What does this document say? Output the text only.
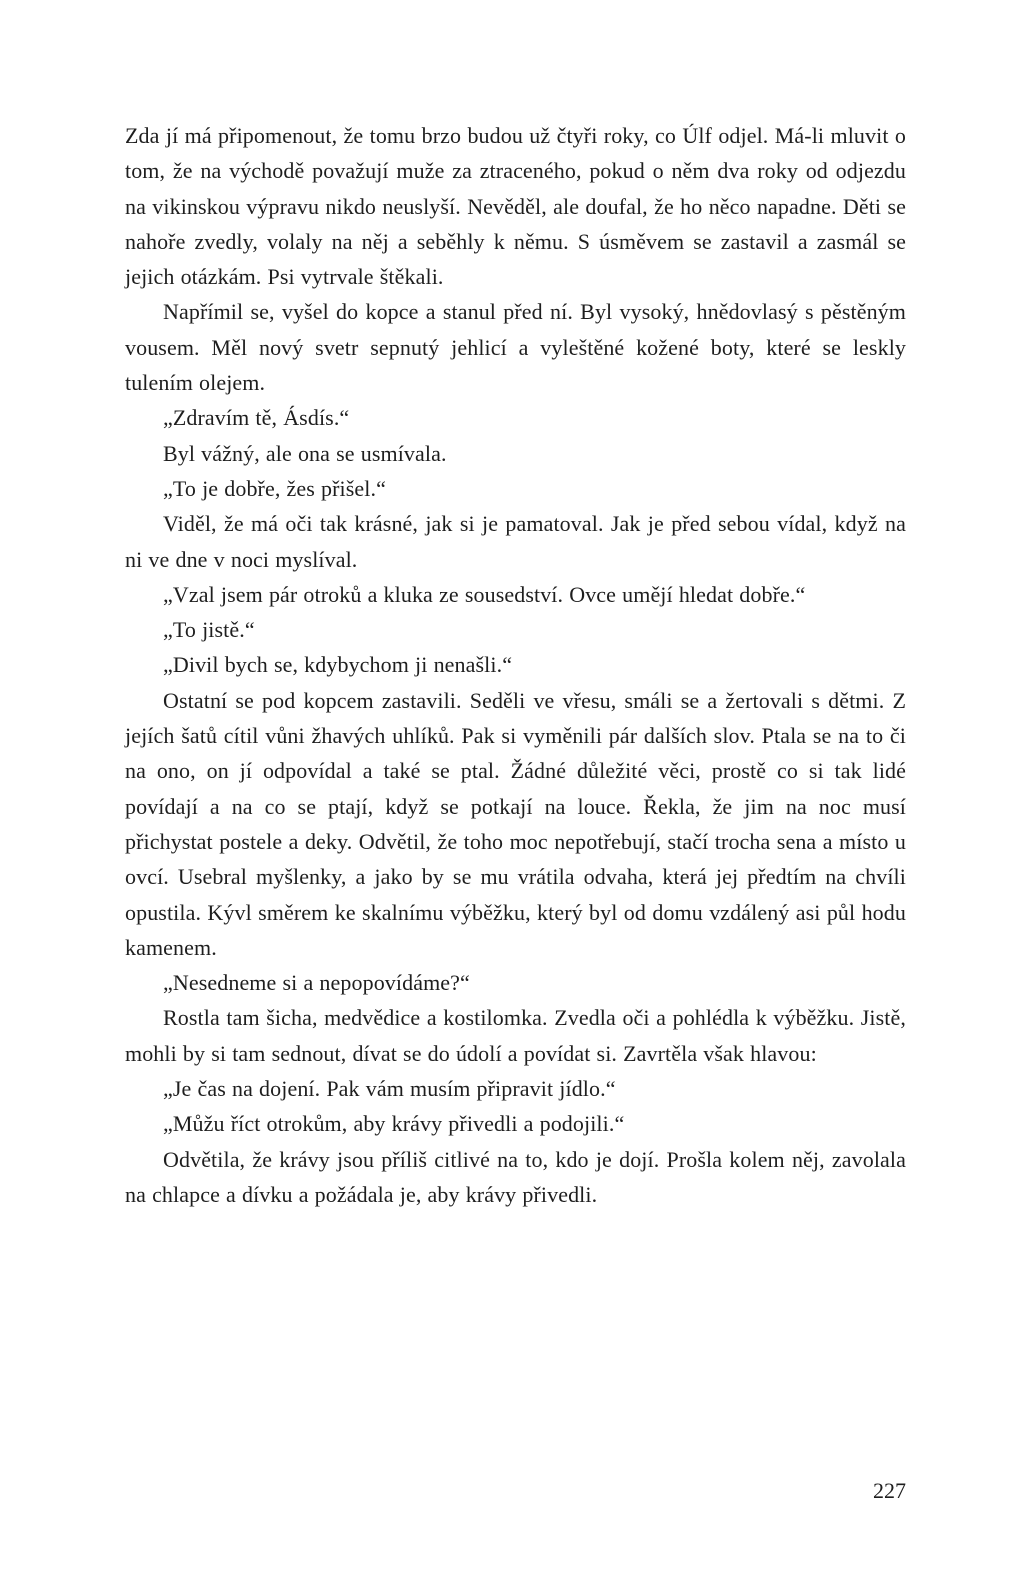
Zda jí má připomenout, že tomu brzo budou už čtyři roky, co Úlf odjel. Má-li mluvit o tom, že na východě považují muže za ztraceného, pokud o něm dva roky od odjezdu na vikinskou výpravu nikdo neuslyší. Nevěděl, ale doufal, že ho něco napadne. Děti se nahoře zvedly, volaly na něj a seběhly k němu. S úsměvem se zastavil a zasmál se jejich otázkám. Psi vytrvale štěkali.

Napřímil se, vyšel do kopce a stanul před ní. Byl vysoký, hnědovlasý s pěstěným vousem. Měl nový svetr sepnutý jehlicí a vyleštěné kožené boty, které se leskly tulením olejem.

„Zdravím tě, Ásdís.“

Byl vážný, ale ona se usmívala.

„To je dobře, žes přišel.“

Viděl, že má oči tak krásné, jak si je pamatoval. Jak je před sebou vídal, když na ni ve dne v noci myslíval.

„Vzal jsem pár otroků a kluka ze sousedství. Ovce umějí hledat dobře.“

„To jistě.“

„Divil bych se, kdybychom ji nenašli.“

Ostatní se pod kopcem zastavili. Seděli ve vřesu, smáli se a žertovali s dětmi. Z jejích šatů cítil vůni žhavých uhlíků. Pak si vyměnili pár dalších slov. Ptala se na to či na ono, on jí odpovídal a také se ptal. Žádné důležité věci, prostě co si tak lidé povídají a na co se ptají, když se potkají na louce. Řekla, že jim na noc musí přichystat postele a deky. Odvětil, že toho moc nepotřebují, stačí trocha sena a místo u ovcí. Usebral myšlenky, a jako by se mu vrátila odvaha, která jej předtím na chvíli opustila. Kývl směrem ke skalnímu výběžku, který byl od domu vzdálený asi půl hodu kamenem.

„Nesedneme si a nepopovídáme?“

Rostla tam šicha, medvědice a kostilomka. Zvedla oči a pohlédla k výběžku. Jistě, mohli by si tam sednout, dívat se do údolí a povídat si. Zavrtěla však hlavou:

„Je čas na dojení. Pak vám musím připravit jídlo.“

„Můžu říct otrokům, aby krávy přivedli a podojili.“

Odvětila, že krávy jsou příliš citlivé na to, kdo je dojí. Prošla kolem něj, zavolala na chlapce a dívku a požádala je, aby krávy přivedli.

227
